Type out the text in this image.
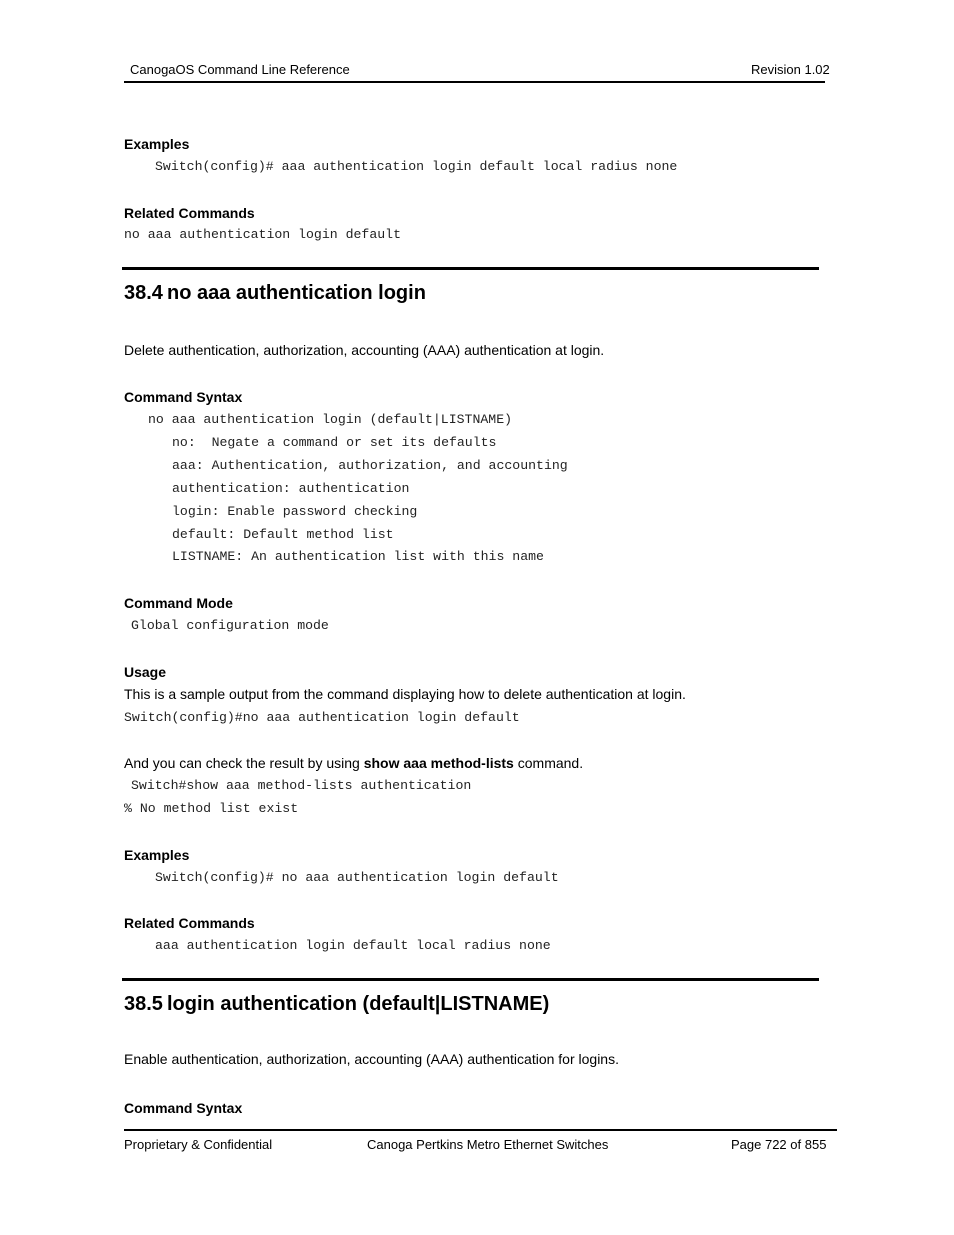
CanogaOS Command Line Reference	Revision 1.02
Examples
Switch(config)# aaa authentication login default local radius none
Related Commands
no aaa authentication login default
38.4 no aaa authentication login
Delete authentication, authorization, accounting (AAA) authentication at login.
Command Syntax
no aaa authentication login (default|LISTNAME)
no:  Negate a command or set its defaults
aaa: Authentication, authorization, and accounting
authentication: authentication
login: Enable password checking
default: Default method list
LISTNAME: An authentication list with this name
Command Mode
Global configuration mode
Usage
This is a sample output from the command displaying how to delete authentication at login.
Switch(config)#no aaa authentication login default
And you can check the result by using show aaa method-lists command.
Switch#show aaa method-lists authentication
% No method list exist
Examples
Switch(config)# no aaa authentication login default
Related Commands
aaa authentication login default local radius none
38.5 login authentication (default|LISTNAME)
Enable authentication, authorization, accounting (AAA) authentication for logins.
Command Syntax
Proprietary & Confidential	Canoga Pertkins Metro Ethernet Switches	Page 722 of 855
